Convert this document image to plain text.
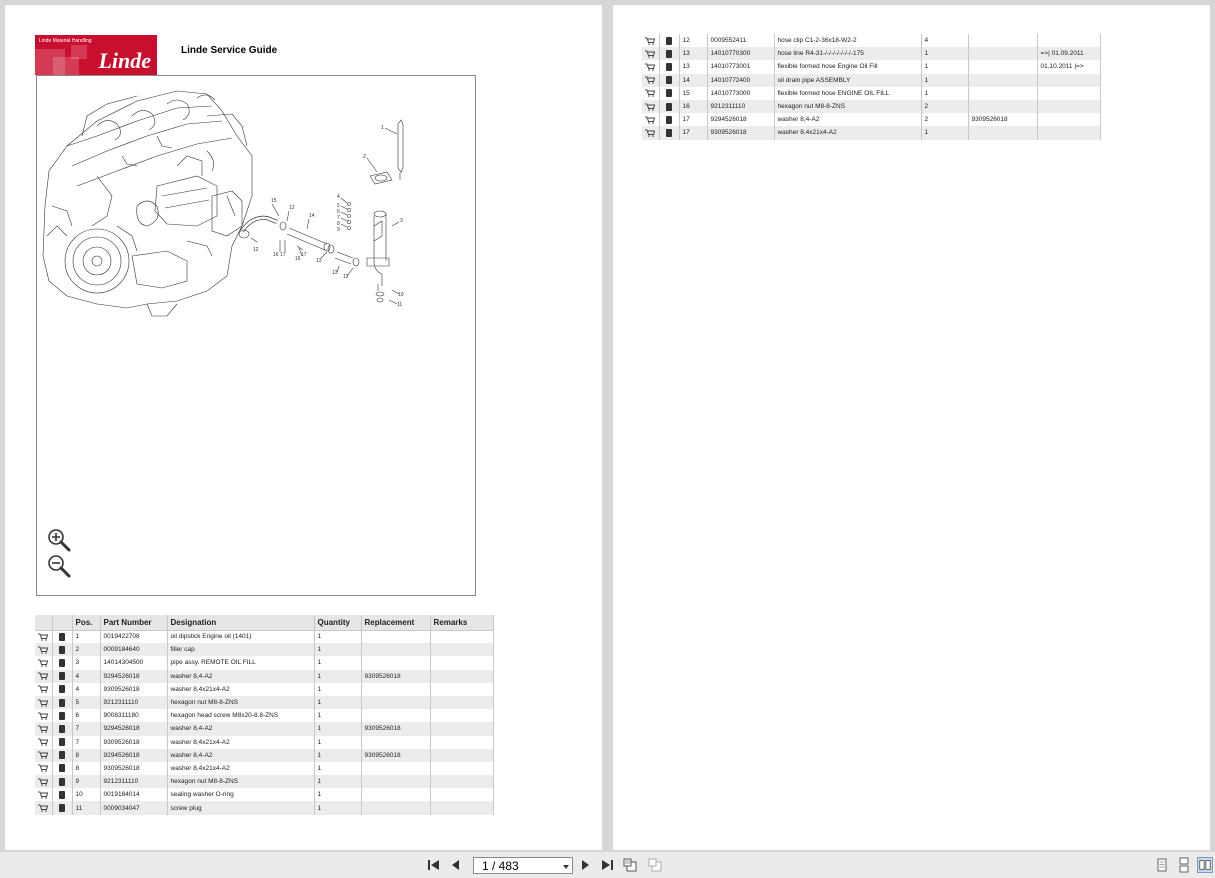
Linde Material Handling
Linde	Linde Service Guide
1
2
3
4
5
6
7
8
9
10
11
12
12
12
13
13
14
15
16
16
17	17
		Pos.	Part Number	Designation	Quantity	Replacement	Remarks
		1	0019422708	oil dipstick Engine oil (1401)	1		
		2	0009184640	filler cap	1		
		3	14014304500	pipe assy. REMOTE OIL FILL	1		
		4	9294526018	washer 8,4-A2	1	9309526018	
		4	9309526018	washer 8,4x21x4-A2	1		
		5	9212311110	hexagon nut M8-8-ZNS	1		
		6	9008311180	hexagon head screw M8x20-8.8-ZNS	1		
		7	9294526018	washer 8,4-A2	1	9309526018	
		7	9309526018	washer 8,4x21x4-A2	1		
		8	9294526018	washer 8,4-A2	1	9309526018	
		8	9309526018	washer 8,4x21x4-A2	1		
		9	9212311110	hexagon nut M8-8-ZNS	1		
		10	0019184014	sealing washer O-ring	1		
		11	0009034047	screw plug	1		
		12	0009552411	hose clip C1-2-36x18-W2-2	4		
		13	14010770300	hose line R4-31-/-/-/-/-/-/-/-175	1		=>| 01.09.2011
		13	14010773001	flexible formed hose Engine Oil Fill	1		01.10.2011 |=>
		14	14010772400	oil drain pipe ASSEMBLY	1		
		15	14010773000	flexible formed hose ENGINE OIL FILL	1		
		16	9212311110	hexagon nut M8-8-ZNS	2		
		17	9294526018	washer 8,4-A2	2	9309526018	
		17	9309526018	washer 8,4x21x4-A2	1		
1 / 483
